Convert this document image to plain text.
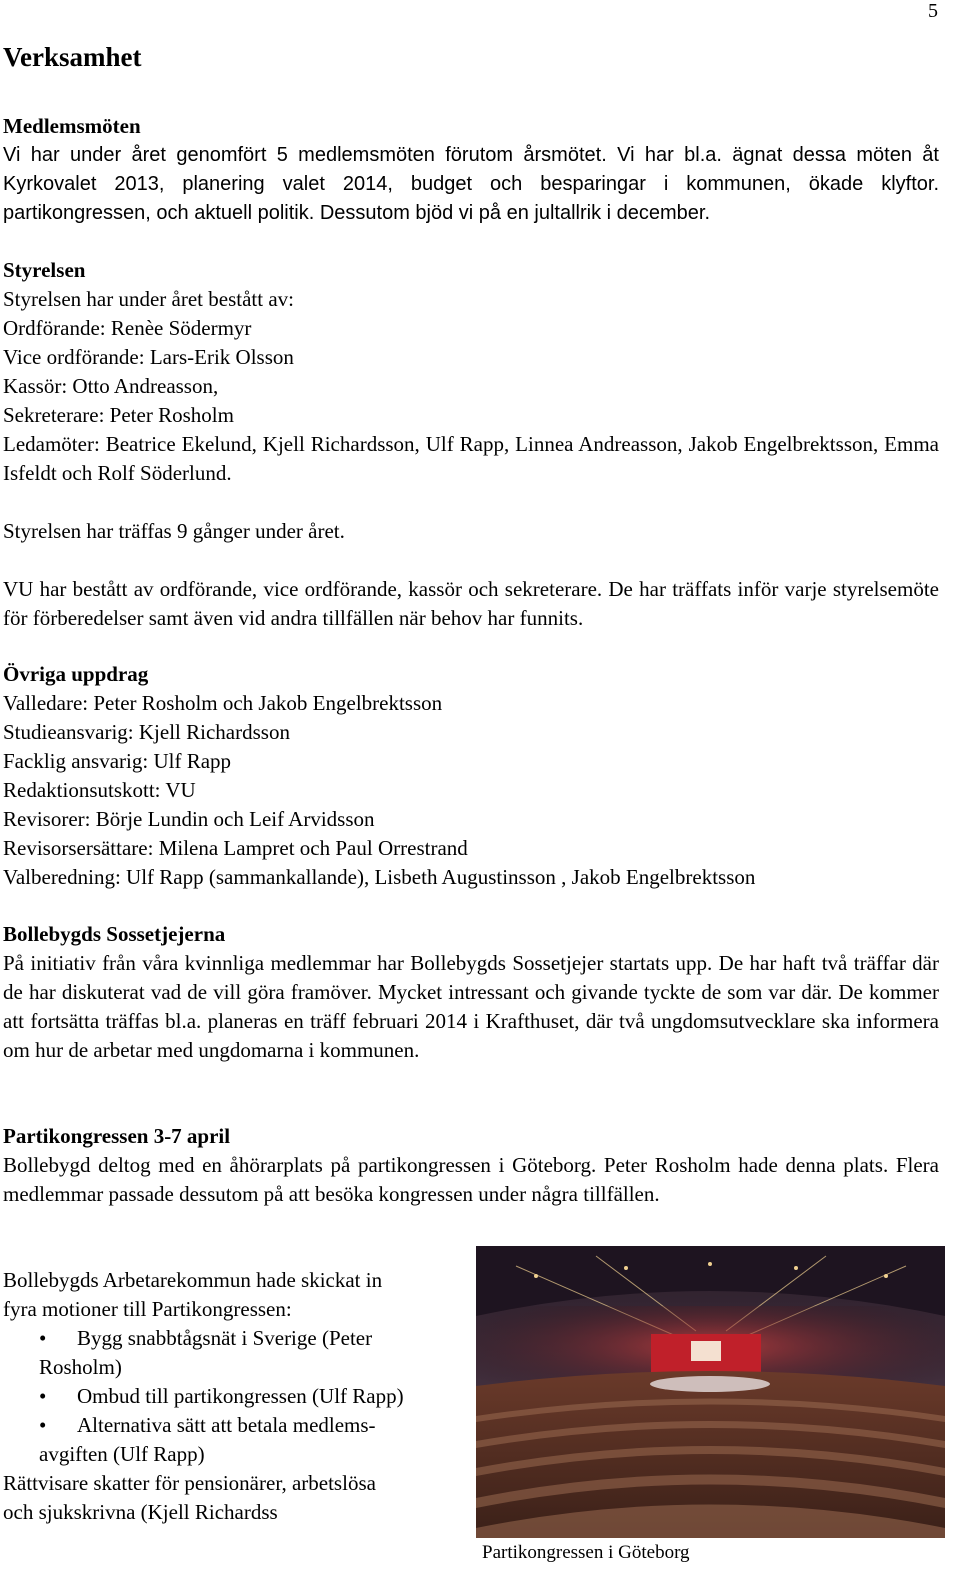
5
Verksamhet
Medlemsmöten

Vi har under året genomfört 5 medlemsmöten förutom årsmötet. Vi har bl.a. ägnat dessa möten åt Kyrkovalet 2013, planering valet 2014, budget och besparingar i kommunen, ökade klyftor. partikongressen, och aktuell politik. Dessutom bjöd vi på en jultallrik i december.

Styrelsen
Styrelsen har under året bestått av:
Ordförande: Renèe Södermyr
Vice ordförande: Lars-Erik Olsson
Kassör: Otto Andreasson,
Sekreterare: Peter Rosholm

Ledamöter: Beatrice Ekelund, Kjell Richardsson, Ulf Rapp, Linnea Andreasson, Jakob Engelbrektsson, Emma Isfeldt och Rolf Söderlund.

Styrelsen har träffas 9 gånger under året.

VU har bestått av ordförande, vice ordförande, kassör och sekreterare. De har träffats inför varje styrelsemöte för förberedelser samt även vid andra tillfällen när behov har funnits.

Övriga uppdrag
Valledare: Peter Rosholm och Jakob Engelbrektsson
Studieansvarig: Kjell Richardsson
Facklig ansvarig: Ulf Rapp
Redaktionsutskott: VU
Revisorer: Börje Lundin och Leif Arvidsson
Revisorsersättare: Milena Lampret och Paul Orrestrand
Valberedning: Ulf Rapp (sammankallande), Lisbeth Augustinsson , Jakob Engelbrektsson
Bollebygds Sossetjejerna

På initiativ från våra kvinnliga medlemmar har Bollebygds Sossetjejer startats upp. De har haft två träffar där de har diskuterat vad de vill göra framöver. Mycket intressant och givande tyckte de som var där. De kommer att fortsätta träffas bl.a. planeras en träff februari 2014 i Krafthuset, där två ungdomsutvecklare ska informera om hur de arbetar med ungdomarna i kommunen.

Partikongressen 3-7 april

Bollebygd deltog med en åhörarplats på partikongressen i Göteborg. Peter Rosholm hade denna plats. Flera medlemmar passade dessutom på att besöka kongressen under några tillfällen.

Bollebygds Arbetarekommun hade skickat in
fyra motioner till Partikongressen:
•	Bygg snabbtågsnät i Sverige (Peter
Rosholm)
•	Ombud till partikongressen (Ulf Rapp)
•	Alternativa sätt att betala medlems-
avgiften (Ulf Rapp)
Rättvisare skatter för pensionärer, arbetslösa
och sjukskrivna (Kjell Richardss
Partikongressen i Göteborg
